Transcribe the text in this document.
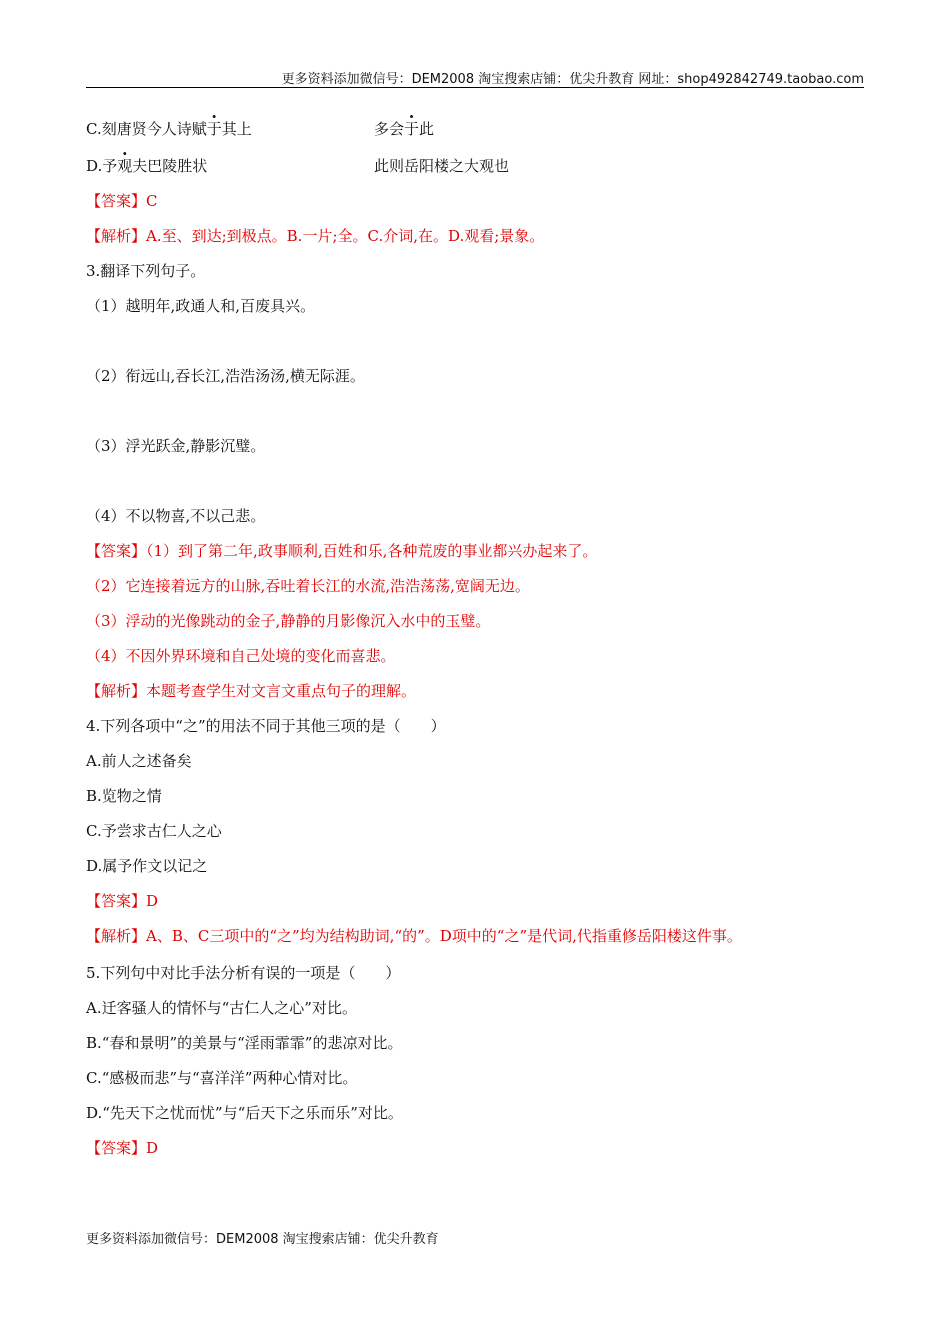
更多资料添加微信号：DEM2008 淘宝搜索店铺：优尖升教育 网址：shop492842749.taobao.com
C.刻唐贤今人诗赋于其上	多会于此
D.予观夫巴陵胜状	此则岳阳楼之大观也
【答案】C
【解析】A.至、到达;到极点。B.一片;全。C.介词,在。D.观看;景象。
3.翻译下列句子。
（1）越明年,政通人和,百废具兴。
（2）衔远山,吞长江,浩浩汤汤,横无际涯。
（3）浮光跃金,静影沉璧。
（4）不以物喜,不以己悲。
【答案】（1）到了第二年,政事顺利,百姓和乐,各种荒废的事业都兴办起来了。
（2）它连接着远方的山脉,吞吐着长江的水流,浩浩荡荡,宽阔无边。
（3）浮动的光像跳动的金子,静静的月影像沉入水中的玉璧。
（4）不因外界环境和自己处境的变化而喜悲。
【解析】本题考查学生对文言文重点句子的理解。
4.下列各项中“之”的用法不同于其他三项的是（　　）
A.前人之述备矣
B.览物之情
C.予尝求古仁人之心
D.属予作文以记之
【答案】D
【解析】A、B、C三项中的“之”均为结构助词,“的”。D项中的“之”是代词,代指重修岳阳楼这件事。
5.下列句中对比手法分析有误的一项是（　　）
A.迁客骚人的情怀与“古仁人之心”对比。
B.“春和景明”的美景与“淫雨霏霏”的悲凉对比。
C.“感极而悲”与“喜洋洋”两种心情对比。
D.“先天下之忧而忧”与“后天下之乐而乐”对比。
【答案】D
更多资料添加微信号：DEM2008 淘宝搜索店铺：优尖升教育
